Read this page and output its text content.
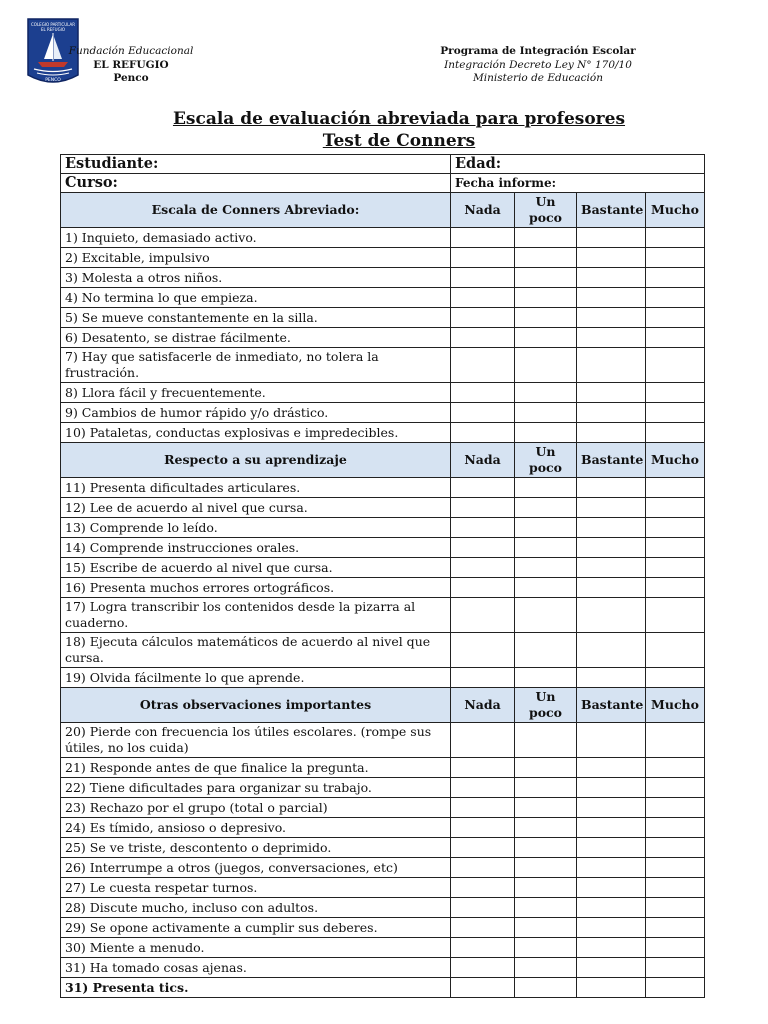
COLEGIO PARTICULAR
EL REFUGIO
PENCO
Fundación Educacional
EL REFUGIO
Penco
Programa de Integración Escolar
Integración Decreto Ley N° 170/10
Ministerio de Educación
Escala de evaluación abreviada para profesores
Test de Conners
Estudiante:	Edad:			
Curso:	Fecha informe:			
Escala de Conners Abreviado:	Nada	Un poco	Bastante	Mucho
1) Inquieto, demasiado activo.				
2) Excitable, impulsivo				
3) Molesta a otros niños.				
4) No termina lo que empieza.				
5) Se mueve constantemente en la silla.				
6) Desatento, se distrae fácilmente.				
7) Hay que satisfacerle de inmediato, no tolera la frustración.				
8) Llora fácil y frecuentemente.				
9) Cambios de humor rápido y/o drástico.				
10) Pataletas, conductas explosivas e impredecibles.				
Respecto a su aprendizaje	Nada	Un poco	Bastante	Mucho
11) Presenta dificultades articulares.				
12) Lee de acuerdo al nivel que cursa.				
13) Comprende lo leído.				
14) Comprende instrucciones orales.				
15) Escribe de acuerdo al nivel que cursa.				
16) Presenta muchos errores ortográficos.				
17) Logra transcribir los contenidos desde la pizarra al cuaderno.				
18) Ejecuta cálculos matemáticos de acuerdo al nivel que cursa.				
19) Olvida fácilmente lo que aprende.				
Otras observaciones importantes	Nada	Un poco	Bastante	Mucho
20) Pierde con frecuencia los útiles escolares. (rompe sus útiles, no los cuida)				
21) Responde antes de que finalice la pregunta.				
22) Tiene dificultades para organizar su trabajo.				
23) Rechazo por el grupo (total o parcial)				
24) Es tímido, ansioso o depresivo.				
25) Se ve triste, descontento o deprimido.				
26) Interrumpe a otros (juegos, conversaciones, etc)				
27) Le cuesta respetar turnos.				
28) Discute mucho, incluso con adultos.				
29) Se opone activamente a cumplir sus deberes.				
30) Miente a menudo.				
31) Ha tomado cosas ajenas.				
31) Presenta tics.				
